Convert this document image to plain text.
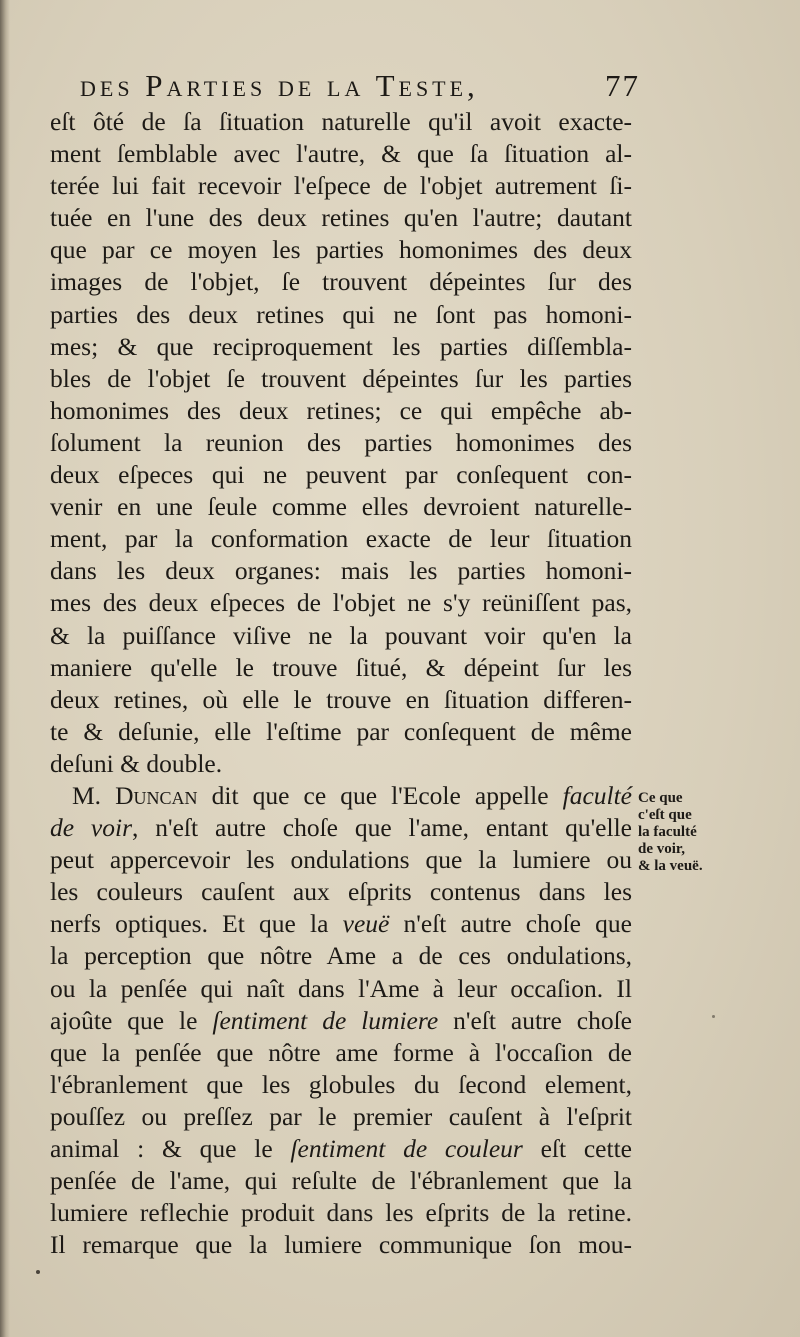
des Parties de la Teste,	77
eſt ôté de ſa ſituation naturelle qu'il avoit exacte-
ment ſemblable avec l'autre, & que ſa ſituation al-
terée lui fait recevoir l'eſpece de l'objet autrement ſi-
tuée en l'une des deux retines qu'en l'autre; dautant
que par ce moyen les parties homonimes des deux
images de l'objet, ſe trouvent dépeintes ſur des
parties des deux retines qui ne ſont pas homoni-
mes; & que reciproquement les parties diſſembla-
bles de l'objet ſe trouvent dépeintes ſur les parties
homonimes des deux retines; ce qui empêche ab-
ſolument la reunion des parties homonimes des
deux eſpeces qui ne peuvent par conſequent con-
venir en une ſeule comme elles devroient naturelle-
ment, par la conformation exacte de leur ſituation
dans les deux organes: mais les parties homoni-
mes des deux eſpeces de l'objet ne s'y reüniſſent pas,
& la puiſſance viſive ne la pouvant voir qu'en la
maniere qu'elle le trouve ſitué, & dépeint ſur les
deux retines, où elle le trouve en ſituation differen-
te & deſunie, elle l'eſtime par conſequent de même
deſuni & double.
M. Duncan dit que ce que l'Ecole appelle faculté
de voir, n'eſt autre choſe que l'ame, entant qu'elle
peut appercevoir les ondulations que la lumiere ou
les couleurs cauſent aux eſprits contenus dans les
nerfs optiques. Et que la veuë n'eſt autre choſe que
la perception que nôtre Ame a de ces ondulations,
ou la penſée qui naît dans l'Ame à leur occaſion. Il
ajoûte que le ſentiment de lumiere n'eſt autre choſe
que la penſée que nôtre ame forme à l'occaſion de
l'ébranlement que les globules du ſecond element,
pouſſez ou preſſez par le premier cauſent à l'eſprit
animal : & que le ſentiment de couleur eſt cette
penſée de l'ame, qui reſulte de l'ébranlement que la
lumiere reflechie produit dans les eſprits de la retine.
Il remarque que la lumiere communique ſon mou-
Ce que
c'eſt que
la faculté
de voir,
& la veuë.
